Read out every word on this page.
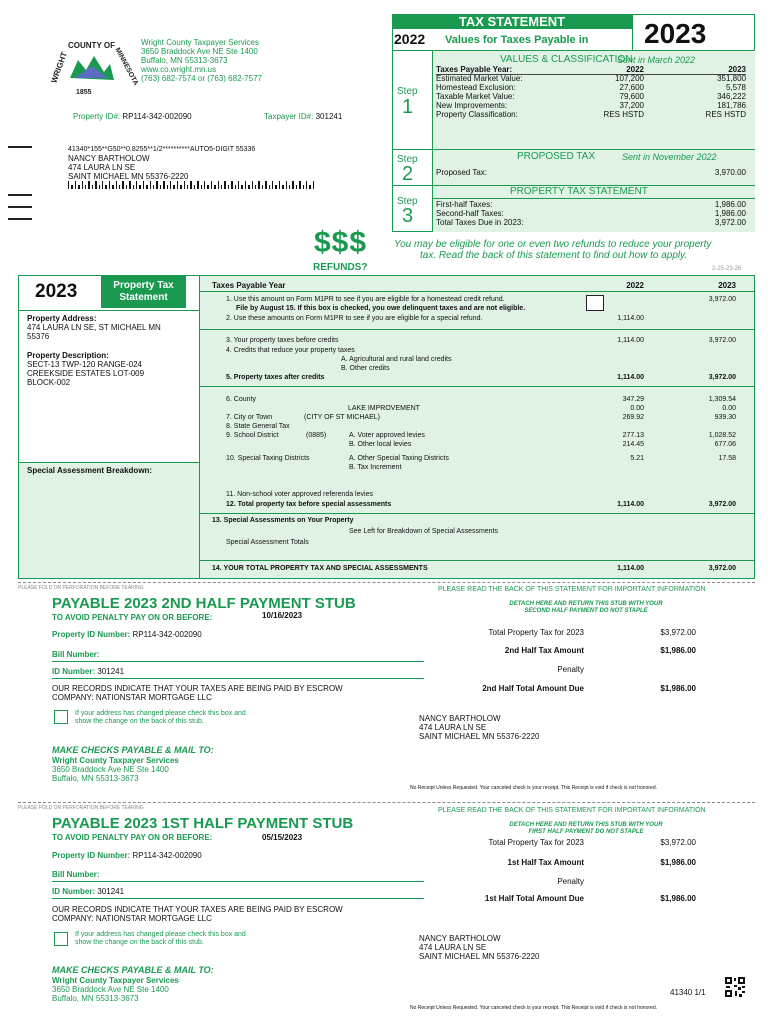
COUNTY OF
WRIGHT	MINNESOTA
1855
Wright County Taxpayer Services
3650 Braddock Ave NE Ste 1400
Buffalo, MN 55313-3673
www.co.wright.mn.us
(763) 682-7574 or (763) 682-7577
Property ID#: RP114-342-002090	Taxpayer ID#: 301241
41340*155**G50**0.8255**1/2**********AUTO5-DIGIT 55336
NANCY BARTHOLOW
474 LAURA LN SE
SAINT MICHAEL MN 55376-2220
TAX STATEMENT
2022 Values for Taxes Payable in 2023
Step
1
VALUES & CLASSIFICATION
Sent in March 2022
Taxes Payable Year:	2022	2023
Estimated Market Value:	107,200	351,800
Homestead Exclusion:	27,600	5,578
Taxable Market Value:	79,600	346,222
New Improvements:	37,200	181,786
Property Classification:	RES HSTD	RES HSTD
Step
2
PROPOSED TAX	Sent in November 2022
Proposed Tax:	3,970.00
Step
3
PROPERTY TAX STATEMENT
First-half Taxes:	1,986.00
Second-half Taxes:	1,986.00
Total Taxes Due in 2023:	3,972.00
$$$
REFUNDS?
You may be eligible for one or even two refunds to reduce your property
tax. Read the back of this statement to find out how to apply.
2-25-23-26
2023	Property Tax
Statement
Property Address:
474 LAURA LN SE, ST MICHAEL MN
55376
Property Description:
SECT-13 TWP-120 RANGE-024
CREEKSIDE ESTATES LOT-009
BLOCK-002
Special Assessment Breakdown:
Taxes Payable Year	2022	2023
1. Use this amount on Form M1PR to see if you are eligible for a homestead credit refund.
File by August 15. If this box is checked, you owe delinquent taxes and are not eligible.
3,972.00
2. Use these amounts on Form M1PR to see if you are eligible for a special refund.	1,114.00
3. Your property taxes before credits	1,114.00	3,972.00
4. Credits that reduce your property taxes
A. Agricultural and rural land credits
B. Other credits
5. Property taxes after credits	1,114.00	3,972.00
6. County	347.29	1,309.54
LAKE IMPROVEMENT	0.00	0.00
7. City or Town	(CITY OF ST MICHAEL)	269.92	939.30
8. State General Tax
9. School District	(0885)	A. Voter approved levies	277.13	1,028.52
B. Other local levies	214.45	677.06
10. Special Taxing Districts	A. Other Special Taxing Districts	5.21	17.58
B. Tax Increment
11. Non-school voter approved referenda levies
12. Total property tax before special assessments	1,114.00	3,972.00
13. Special Assessments on Your Property
See Left for Breakdown of Special Assessments
Special Assessment Totals
14. YOUR TOTAL PROPERTY TAX AND SPECIAL ASSESSMENTS	1,114.00	3,972.00
PLEASE FOLD ON PERFORATION BEFORE TEARING	PLEASE READ THE BACK OF THIS STATEMENT FOR IMPORTANT INFORMATION
PAYABLE 2023 2ND HALF PAYMENT STUB	DETACH HERE AND RETURN THIS STUB WITH YOUR
SECOND HALF PAYMENT DO NOT STAPLE
TO AVOID PENALTY PAY ON OR BEFORE:	10/16/2023
Property ID Number: RP114-342-002090
Bill Number:
ID Number: 301241
Total Property Tax for 2023	$3,972.00
2nd Half Tax Amount	$1,986.00
Penalty
2nd Half Total Amount Due	$1,986.00
OUR RECORDS INDICATE THAT YOUR TAXES ARE BEING PAID BY ESCROW
COMPANY: NATIONSTAR MORTGAGE LLC
If your address has changed please check this box and
show the change on the back of this stub.	NANCY BARTHOLOW
474 LAURA LN SE
SAINT MICHAEL MN 55376-2220
MAKE CHECKS PAYABLE & MAIL TO:
Wright County Taxpayer Services
3650 Braddock Ave NE Ste 1400
Buffalo, MN 55313-3673
No Receipt Unless Requested. Your canceled check is your receipt. This Receipt is void if check is not honored.
PLEASE FOLD ON PERFORATION BEFORE TEARING	PLEASE READ THE BACK OF THIS STATEMENT FOR IMPORTANT INFORMATION
PAYABLE 2023 1ST HALF PAYMENT STUB	DETACH HERE AND RETURN THIS STUB WITH YOUR
FIRST HALF PAYMENT DO NOT STAPLE
TO AVOID PENALTY PAY ON OR BEFORE:	05/15/2023
Property ID Number: RP114-342-002090
Bill Number:
ID Number: 301241
Total Property Tax for 2023	$3,972.00
1st Half Tax Amount	$1,986.00
Penalty
1st Half Total Amount Due	$1,986.00
OUR RECORDS INDICATE THAT YOUR TAXES ARE BEING PAID BY ESCROW
COMPANY: NATIONSTAR MORTGAGE LLC
If your address has changed please check this box and
show the change on the back of this stub.	NANCY BARTHOLOW
474 LAURA LN SE
SAINT MICHAEL MN 55376-2220
MAKE CHECKS PAYABLE & MAIL TO:
Wright County Taxpayer Services
3650 Braddock Ave NE Ste 1400
Buffalo, MN 55313-3673
41340 1/1
No Receipt Unless Requested. Your canceled check is your receipt. This Receipt is void if check is not honored.
